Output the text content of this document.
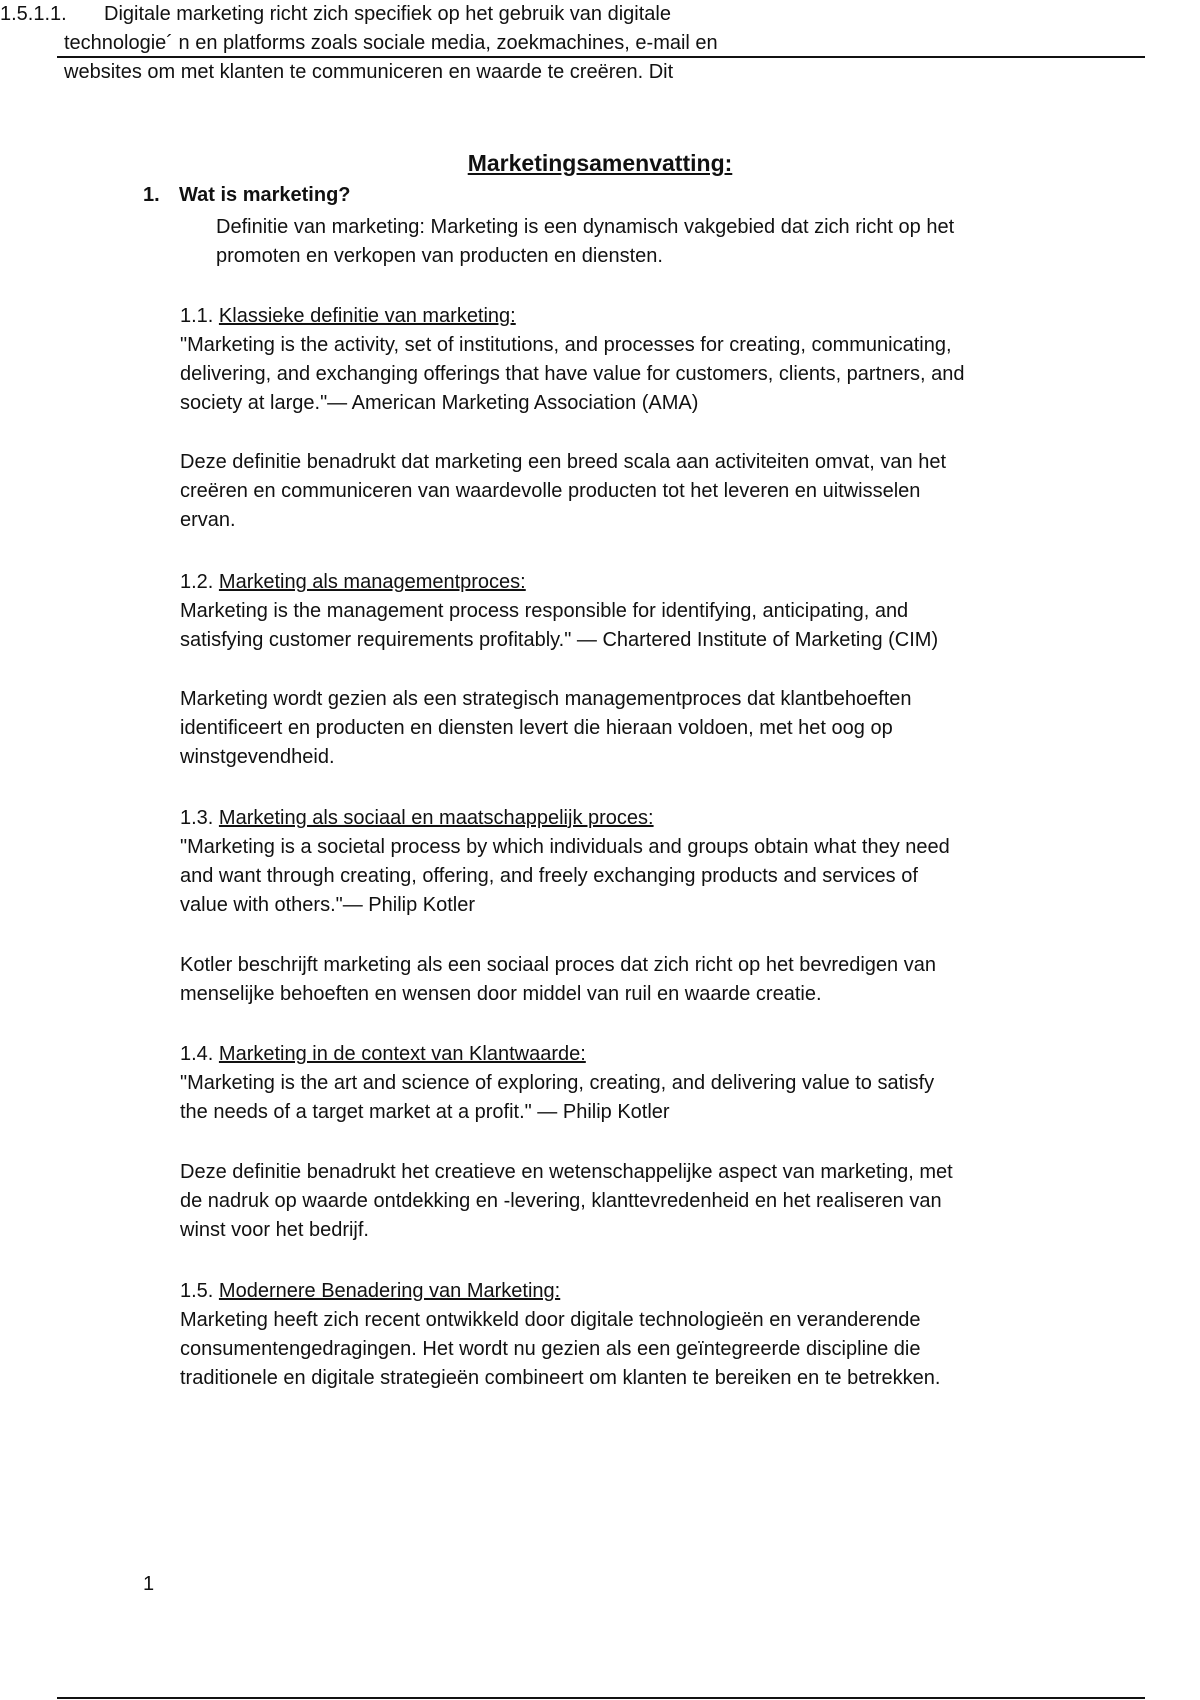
Marketingsamenvatting:
1. Wat is marketing?
Definitie van marketing: Marketing is een dynamisch vakgebied dat zich richt op het
promoten en verkopen van producten en diensten.
1.1. Klassieke definitie van marketing:
"Marketing is the activity, set of institutions, and processes for creating, communicating,
delivering, and exchanging offerings that have value for customers, clients, partners, and
society at large."— American Marketing Association (AMA)
Deze definitie benadrukt dat marketing een breed scala aan activiteiten omvat, van het
creëren en communiceren van waardevolle producten tot het leveren en uitwisselen
ervan.
1.2. Marketing als managementproces:
Marketing is the management process responsible for identifying, anticipating, and
satisfying customer requirements profitably." — Chartered Institute of Marketing (CIM)
Marketing wordt gezien als een strategisch managementproces dat klantbehoeften
identificeert en producten en diensten levert die hieraan voldoen, met het oog op
winstgevendheid.
1.3. Marketing als sociaal en maatschappelijk proces:
"Marketing is a societal process by which individuals and groups obtain what they need
and want through creating, offering, and freely exchanging products and services of
value with others."— Philip Kotler
Kotler beschrijft marketing als een sociaal proces dat zich richt op het bevredigen van
menselijke behoeften en wensen door middel van ruil en waarde creatie.
1.4. Marketing in de context van Klantwaarde:
"Marketing is the art and science of exploring, creating, and delivering value to satisfy
the needs of a target market at a profit." — Philip Kotler
Deze definitie benadrukt het creatieve en wetenschappelijke aspect van marketing, met
de nadruk op waarde ontdekking en -levering, klanttevredenheid en het realiseren van
winst voor het bedrijf.
1.5. Modernere Benadering van Marketing:
Marketing heeft zich recent ontwikkeld door digitale technologieën en veranderende
consumentengedragingen. Het wordt nu gezien als een geïntegreerde discipline die
traditionele en digitale strategieën combineert om klanten te bereiken en te betrekken.
1.5.1.1. Digitale marketing richt zich specifiek op het gebruik van digitale
technologie´ n en platforms zoals sociale media, zoekmachines, e-mail en
websites om met klanten te communiceren en waarde te creëren. Dit
1
